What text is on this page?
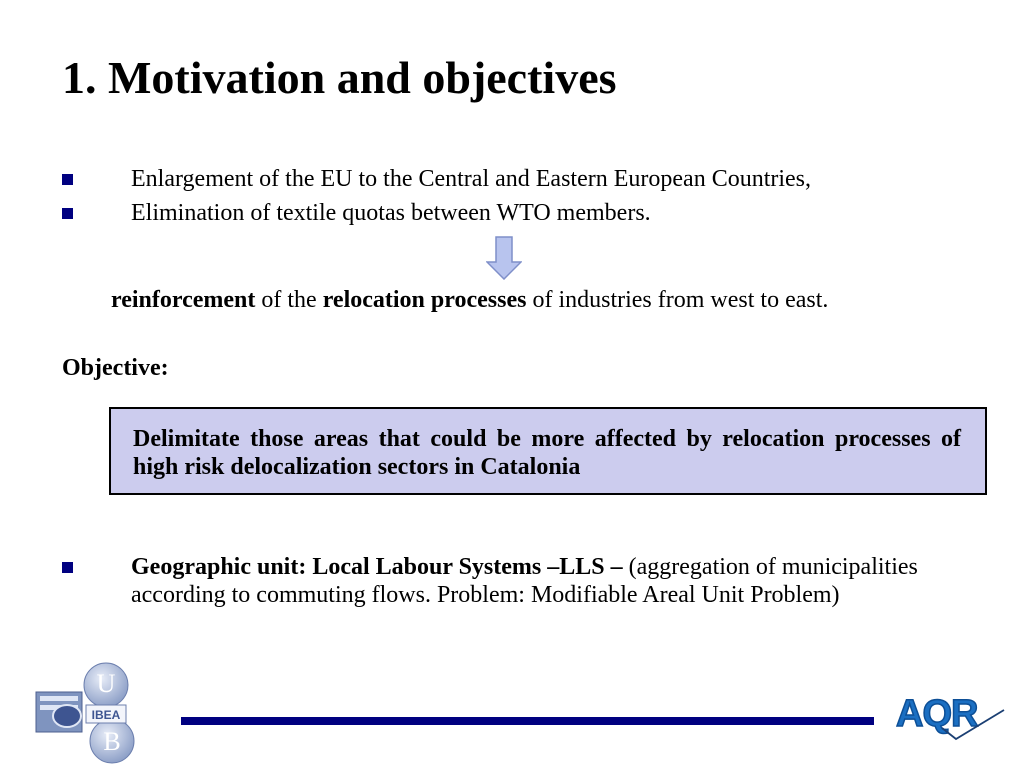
1. Motivation and objectives
Enlargement of the EU to the Central and Eastern European Countries,
Elimination of textile quotas between WTO members.
reinforcement of the relocation processes of industries from west to east.
Objective:
Delimitate those areas that could be more affected by relocation processes of high risk delocalization sectors in Catalonia
Geographic unit: Local Labour Systems –LLS – (aggregation of municipalities according to commuting flows. Problem: Modifiable Areal Unit Problem)
U
IBEA
B
AQR
